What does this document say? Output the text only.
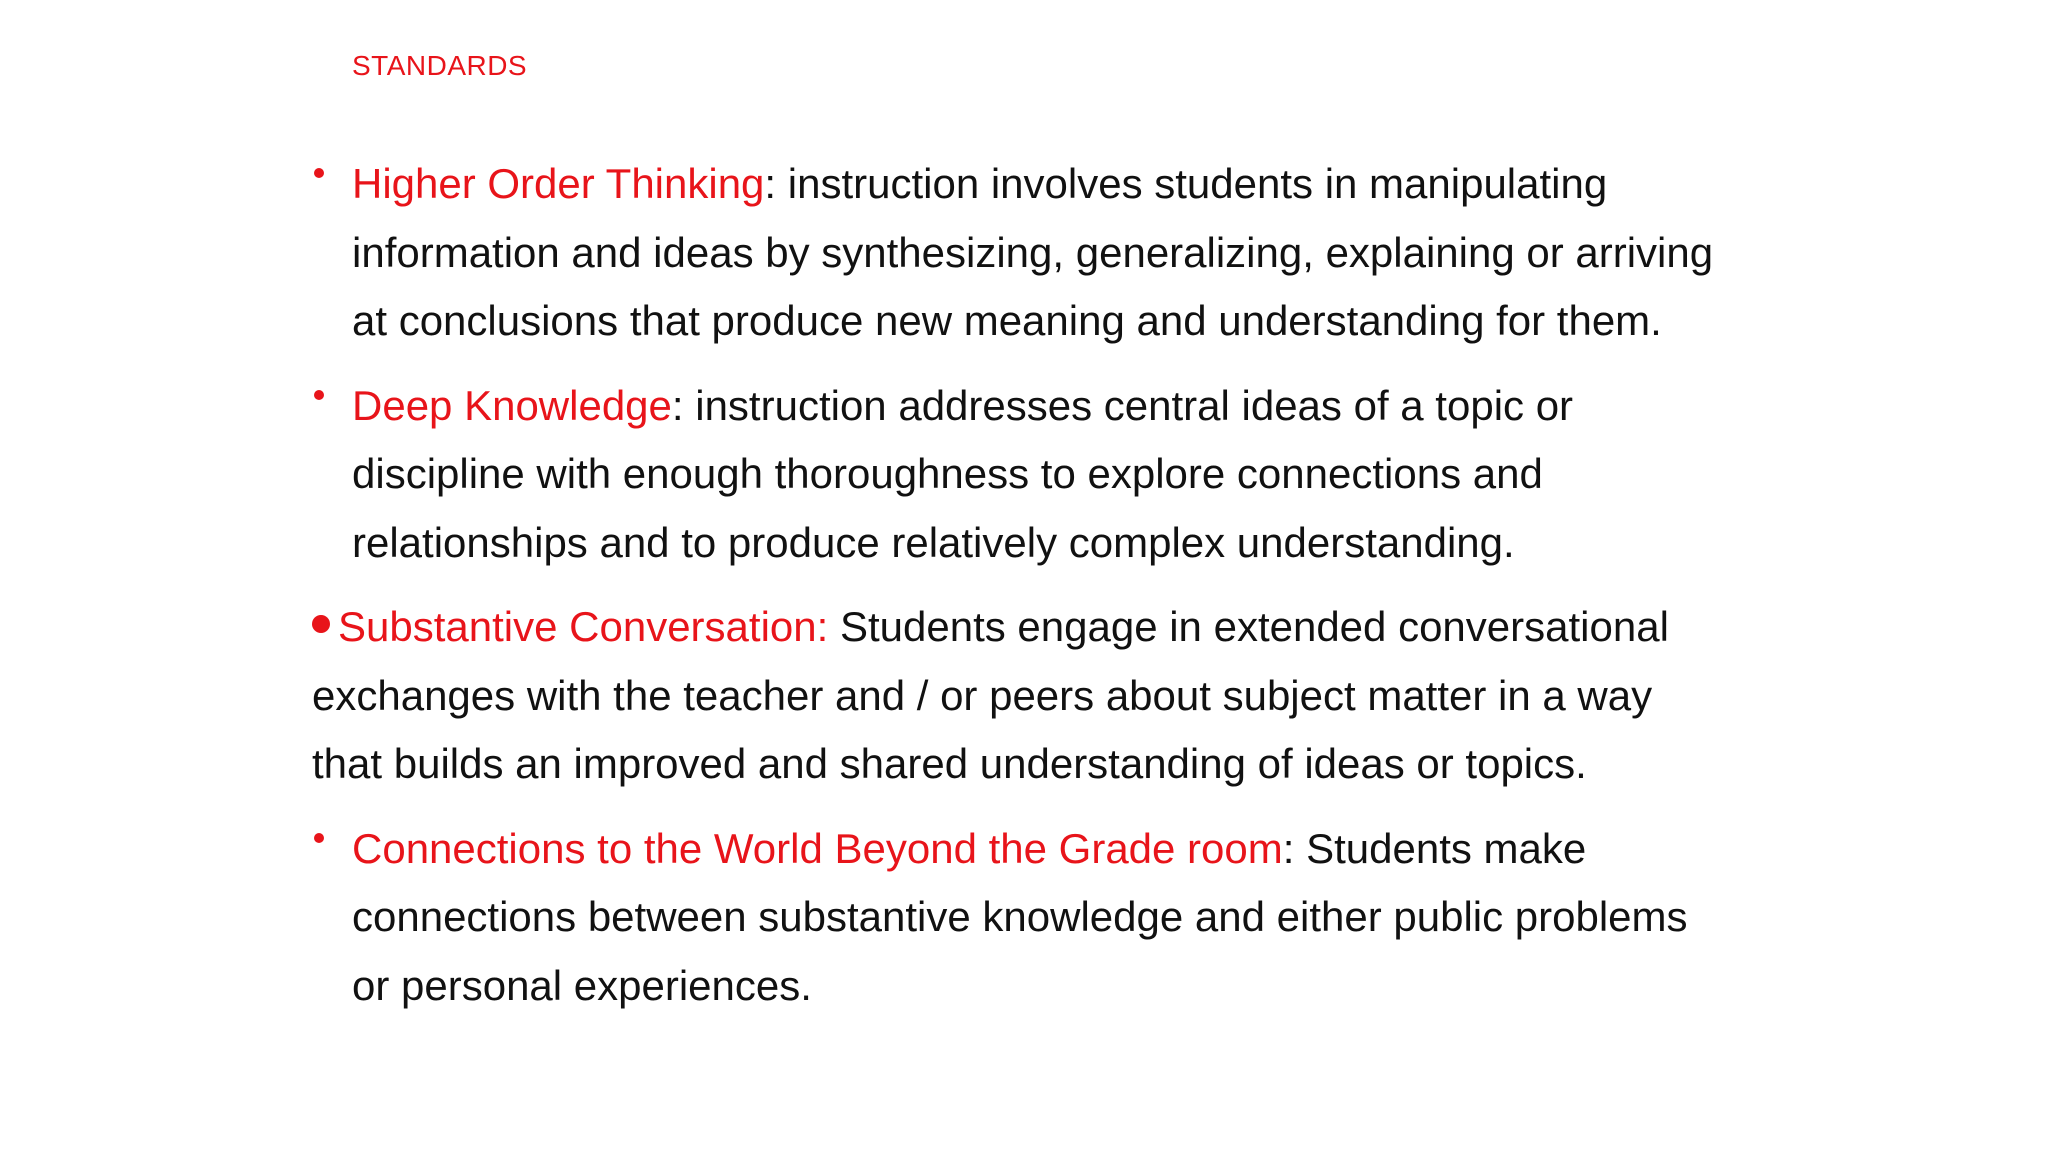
STANDARDS
Higher Order Thinking: instruction involves students in manipulating information and ideas by synthesizing, generalizing, explaining or arriving at conclusions that produce new meaning and understanding for them.
Deep Knowledge: instruction addresses central ideas of a topic or discipline with enough thoroughness to explore connections and relationships and to produce relatively complex understanding.
Substantive Conversation: Students engage in extended conversational exchanges with the teacher and / or peers about subject matter in a way that builds an improved and shared understanding of ideas or topics.
Connections to the World Beyond the Grade room: Students make connections between substantive knowledge and either public problems or personal experiences.
